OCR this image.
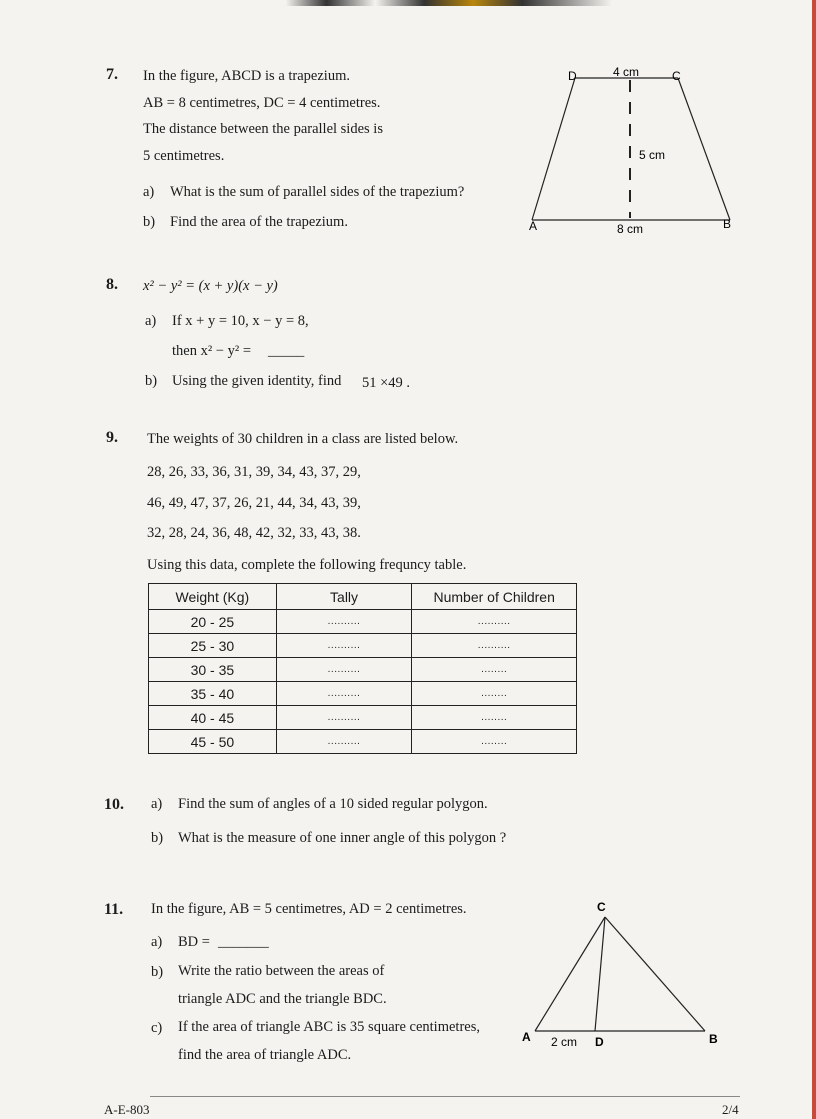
7. In the figure, ABCD is a trapezium.
AB = 8 centimetres, DC = 4 centimetres.
The distance between the parallel sides is
5 centimetres.
a) What is the sum of parallel sides of the trapezium?
b) Find the area of the trapezium.
D	C
A	B
4 cm
5 cm
8 cm
8. x² − y² = (x + y)(x − y)
a) If x + y = 10, x − y = 8,
then x² − y² = _____
b) Using the given identity, find 51 ×49 .
9. The weights of 30 children in a class are listed below.
28, 26, 33, 36, 31, 39, 34, 43, 37, 29,
46, 49, 47, 37, 26, 21, 44, 34, 43, 39,
32, 28, 24, 36, 48, 42, 32, 33, 43, 38.
Using this data, complete the following frequncy table.
Weight (Kg)	Tally	Number of Children
20 - 25	..........	..........
25 - 30	..........	..........
30 - 35	..........	........
35 - 40	..........	........
40 - 45	..........	........
45 - 50	..........	........
10. a) Find the sum of angles of a 10 sided regular polygon.
b) What is the measure of one inner angle of this polygon ?
11. In the figure, AB = 5 centimetres, AD = 2 centimetres.
a) BD = _______
b) Write the ratio between the areas of
triangle ADC and the triangle BDC.
c) If the area of triangle ABC is 35 square centimetres,
find the area of triangle ADC.
C
A	D	B
2 cm
A-E-803	2/4
